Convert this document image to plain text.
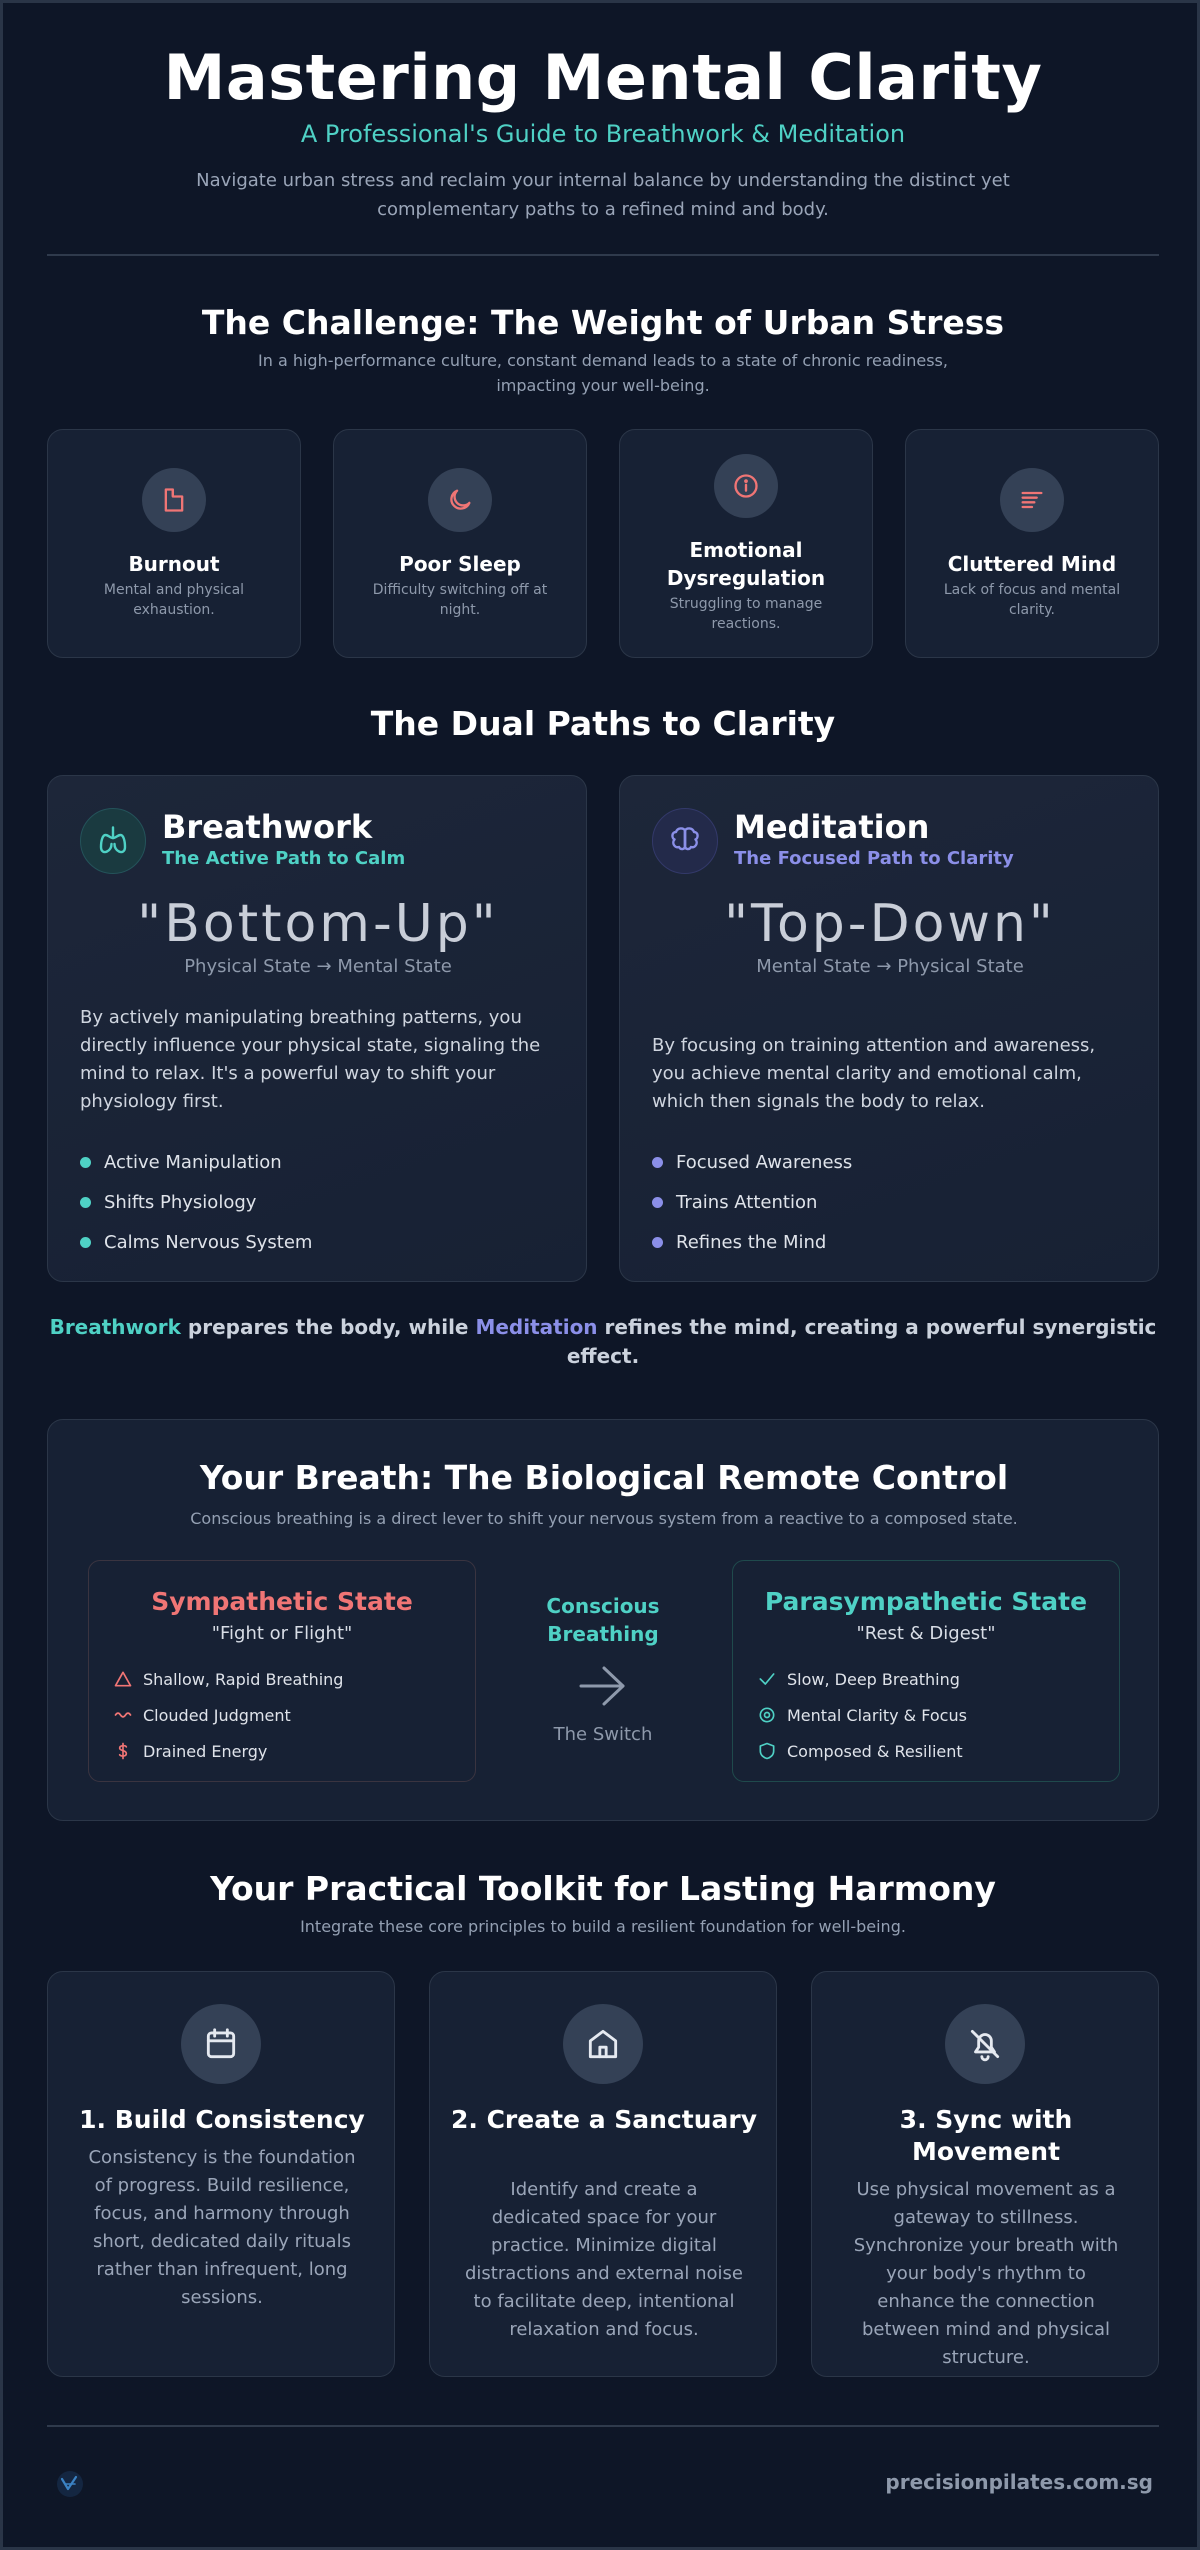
Mastering Mental Clarity
A Professional's Guide to Breathwork & Meditation
Navigate urban stress and reclaim your internal balance by understanding the distinct yet complementary paths to a refined mind and body.
The Challenge: The Weight of Urban Stress
In a high-performance culture, constant demand leads to a state of chronic readiness, impacting your well-being.
Burnout
Mental and physical exhaustion.
Poor Sleep
Difficulty switching off at night.
Emotional Dysregulation
Struggling to manage reactions.
Cluttered Mind
Lack of focus and mental clarity.
The Dual Paths to Clarity
Breathwork
The Active Path to Calm
"Bottom-Up"
Physical State → Mental State
By actively manipulating breathing patterns, you directly influence your physical state, signaling the mind to relax. It's a powerful way to shift your physiology first.
Active Manipulation
Shifts Physiology
Calms Nervous System
Meditation
The Focused Path to Clarity
"Top-Down"
Mental State → Physical State
By focusing on training attention and awareness, you achieve mental clarity and emotional calm, which then signals the body to relax.
Focused Awareness
Trains Attention
Refines the Mind
Breathwork prepares the body, while Meditation refines the mind, creating a powerful synergistic effect.
Your Breath: The Biological Remote Control
Conscious breathing is a direct lever to shift your nervous system from a reactive to a composed state.
Sympathetic State
"Fight or Flight"
Shallow, Rapid Breathing
Clouded Judgment
Drained Energy
Conscious Breathing
The Switch
Parasympathetic State
"Rest & Digest"
Slow, Deep Breathing
Mental Clarity & Focus
Composed & Resilient
Your Practical Toolkit for Lasting Harmony
Integrate these core principles to build a resilient foundation for well-being.
1. Build Consistency
Consistency is the foundation of progress. Build resilience, focus, and harmony through short, dedicated daily rituals rather than infrequent, long sessions.
2. Create a Sanctuary
Identify and create a dedicated space for your practice. Minimize digital distractions and external noise to facilitate deep, intentional relaxation and focus.
3. Sync with Movement
Use physical movement as a gateway to stillness. Synchronize your breath with your body's rhythm to enhance the connection between mind and physical structure.
precisionpilates.com.sg
